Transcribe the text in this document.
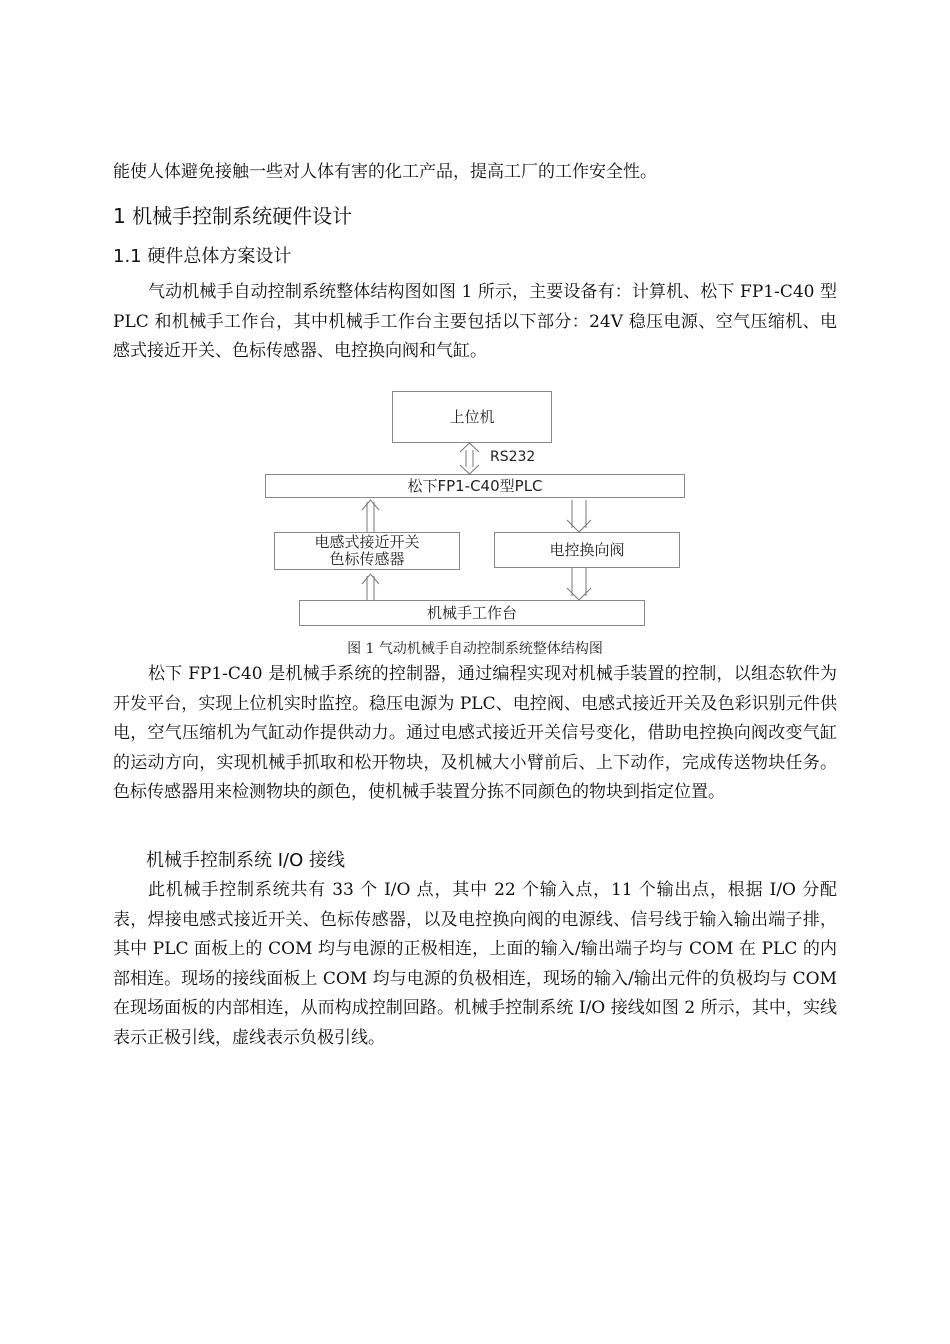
能使人体避免接触一些对人体有害的化工产品，提高工厂的工作安全性。

1 机械手控制系统硬件设计
1.1 硬件总体方案设计

气动机械手自动控制系统整体结构图如图 1 所示，主要设备有：计算机、松下 FP1-C40 型 PLC 和机械手工作台，其中机械手工作台主要包括以下部分：24V 稳压电源、空气压缩机、电感式接近开关、色标传感器、电控换向阀和气缸。

上位机
RS232
松下FP1-C40型PLC
电感式接近开关
色标传感器
电控换向阀
机械手工作台

图 1 气动机械手自动控制系统整体结构图

松下 FP1-C40 是机械手系统的控制器，通过编程实现对机械手装置的控制，以组态软件为开发平台，实现上位机实时监控。稳压电源为 PLC、电控阀、电感式接近开关及色彩识别元件供电，空气压缩机为气缸动作提供动力。通过电感式接近开关信号变化，借助电控换向阀改变气缸的运动方向，实现机械手抓取和松开物块，及机械大小臂前后、上下动作，完成传送物块任务。色标传感器用来检测物块的颜色，使机械手装置分拣不同颜色的物块到指定位置。

机械手控制系统 I/O 接线

此机械手控制系统共有 33 个 I/O 点，其中 22 个输入点，11 个输出点，根据 I/O 分配表，焊接电感式接近开关、色标传感器，以及电控换向阀的电源线、信号线于输入输出端子排，其中 PLC 面板上的 COM 均与电源的正极相连，上面的输入/输出端子均与 COM 在 PLC 的内部相连。现场的接线面板上 COM 均与电源的负极相连，现场的输入/输出元件的负极均与 COM 在现场面板的内部相连，从而构成控制回路。机械手控制系统 I/O 接线如图 2 所示，其中，实线表示正极引线，虚线表示负极引线。
